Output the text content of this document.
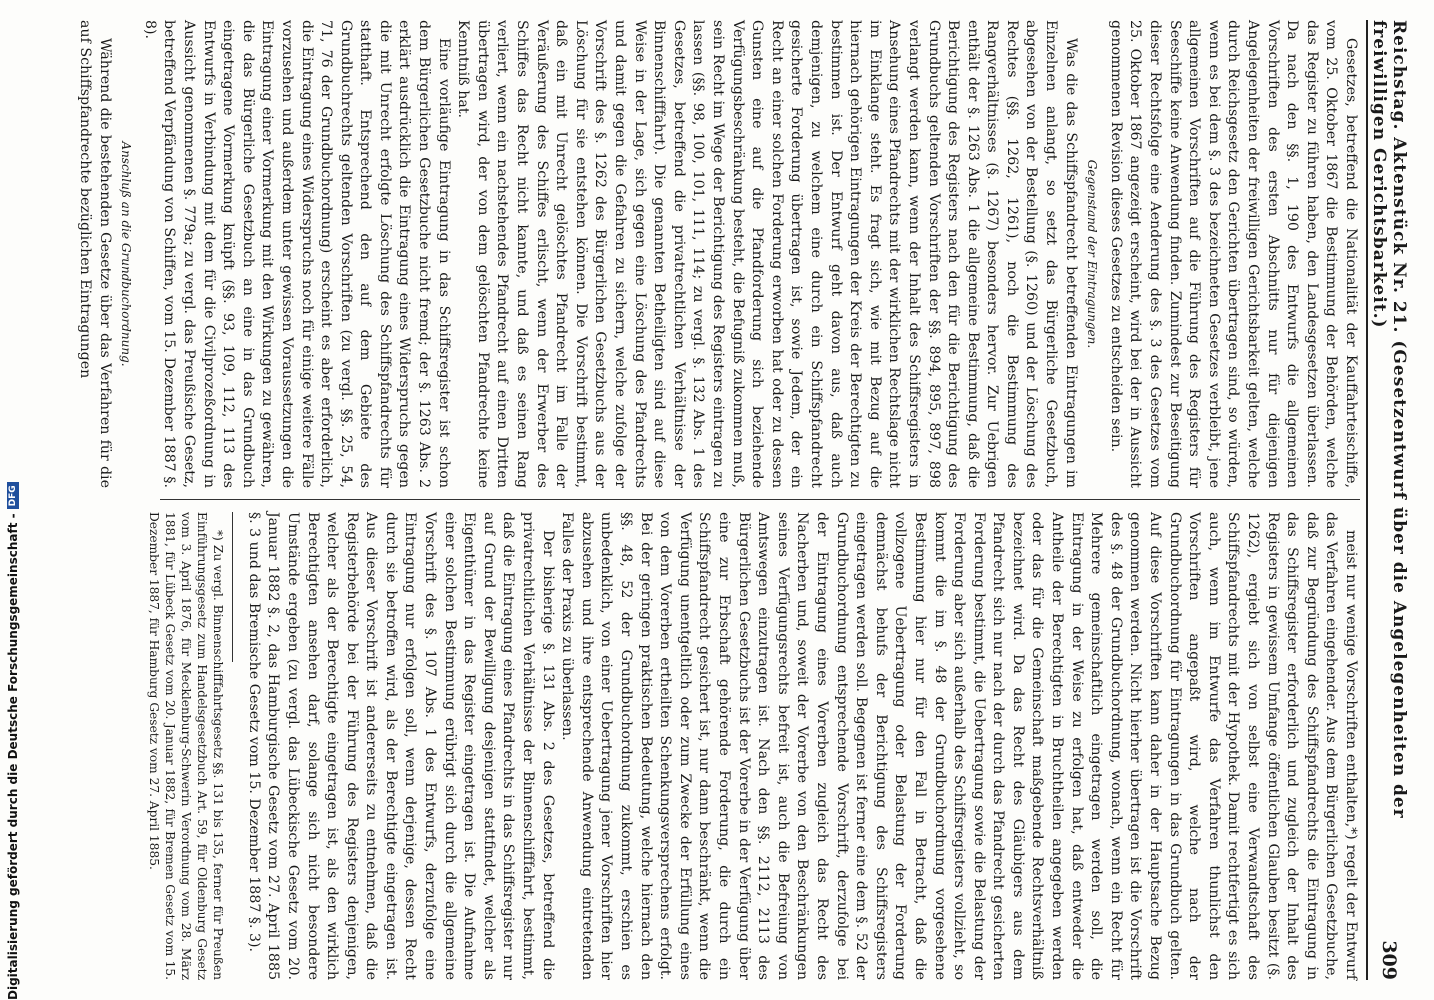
Reichstag. Aktenstück Nr. 21. (Gesetzentwurf über die Angelegenheiten der freiwilligen Gerichtsbarkeit.)
309

Gesetzes, betreffend die Nationalität der Kauffahrteischiffe, vom 25. Oktober 1867 die Bestimmung der Behörden, welche das Register zu führen haben, den Landesgesetzen überlassen. Da nach den §§. 1, 190 des Entwurfs die allgemeinen Vorschriften des ersten Abschnitts nur für diejenigen Angelegenheiten der freiwilligen Gerichtsbarkeit gelten, welche durch Reichsgesetz den Gerichten übertragen sind, so würden, wenn es bei dem §. 3 des bezeichneten Gesetzes verbleibt, jene allgemeinen Vorschriften auf die Führung des Registers für Seeschiffe keine Anwendung finden. Zumindest zur Beseitigung dieser Rechtsfolge eine Aenderung des §. 3 des Gesetzes vom 25. Oktober 1867 angezeigt erscheint, wird bei der in Aussicht genommenen Revision dieses Gesetzes zu entscheiden sein.

Gegenstand der Eintragungen.

Was die das Schiffspfandrecht betreffenden Eintragungen im Einzelnen anlangt, so setzt das Bürgerliche Gesetzbuch, abgesehen von der Bestellung (§. 1260) und der Löschung des Rechtes (§§. 1262, 1261), noch die Bestimmung des Rangverhältnisses (§. 1267) besonders hervor. Zur Uebrigen enthält der §. 1263 Abs. 1 die allgemeine Bestimmung, daß die Berichtigung des Registers nach den für die Berichtigung des Grundbuchs geltenden Vorschriften der §§. 894, 895, 897, 898 verlangt werden kann, wenn der Inhalt des Schiffsregisters in Ansehung eines Pfandrechts mit der wirklichen Rechtslage nicht im Einklange steht. Es fragt sich, wie mit Bezug auf die hiernach gehörigen Eintragungen der Kreis der Berechtigten zu bestimmen ist. Der Entwurf geht davon aus, daß auch demjenigen, zu welchem eine durch ein Schiffspfandrecht gesicherte Forderung übertragen ist, sowie Jedem, der ein Recht an einer solchen Forderung erworben hat oder zu dessen Gunsten eine auf die Pfandforderung sich beziehende Verfügungsbeschränkung besteht, die Befugniß zukommen muß, sein Recht im Wege der Berichtigung des Registers eintragen zu lassen (§§. 98, 100, 101, 111, 114; zu vergl. §. 132 Abs. 1 des Gesetzes, betreffend die privatrechtlichen Verhältnisse der Binnenschifffahrt). Die genannten Betheiligten sind auf diese Weise in der Lage, sich gegen eine Löschung des Pfandrechts und damit gegen die Gefahren zu sichern, welche zufolge der Vorschrift des §. 1262 des Bürgerlichen Gesetzbuchs aus der Löschung für sie entstehen können. Die Vorschrift bestimmt, daß ein mit Unrecht gelöschtes Pfandrecht im Falle der Veräußerung des Schiffes erlischt, wenn der Erwerber des Schiffes das Recht nicht kannte, und daß es seinen Rang verliert, wenn ein nachstehendes Pfandrecht auf einen Dritten übertragen wird, der von dem gelöschten Pfandrechte keine Kenntniß hat.

Eine vorläufige Eintragung in das Schiffsregister ist schon dem Bürgerlichen Gesetzbuche nicht fremd; der §. 1263 Abs. 2 erklärt ausdrücklich die Eintragung eines Widerspruchs gegen die mit Unrecht erfolgte Löschung des Schiffspfandrechts für statthaft. Entsprechend den auf dem Gebiete des Grundbuchrechts geltenden Vorschriften (zu vergl. §§. 25, 54, 71, 76 der Grundbuchordnung) erscheint es aber erforderlich, die Eintragung eines Widerspruchs noch für einige weitere Fälle vorzusehen und außerdem unter gewissen Voraussetzungen die Eintragung einer Vormerkung mit den Wirkungen zu gewähren, die das Bürgerliche Gesetzbuch an eine in das Grundbuch eingetragene Vormerkung knüpft (§§. 93, 109, 112, 113 des Entwurfs in Verbindung mit dem für die Civilprozeßordnung in Aussicht genommenen §. 779a; zu vergl. das Preußische Gesetz, betreffend Verpfändung von Schiffen, vom 15. Dezember 1887 §. 8).

Anschluß an die Grundbuchordnung.

Während die bestehenden Gesetze über das Verfahren für die auf Schiffspfandrechte bezüglichen Eintragungen

meist nur wenige Vorschriften enthalten,*) regelt der Entwurf das Verfahren eingehender. Aus dem Bürgerlichen Gesetzbuche, daß zur Begründung des Schiffspfandrechts die Eintragung in das Schiffsregister erforderlich und zugleich der Inhalt des Registers in gewissem Umfange öffentlichen Glauben besitzt (§. 1262), ergiebt sich von selbst eine Verwandtschaft des Schiffspfandrechts mit der Hypothek. Damit rechtfertigt es sich auch, wenn im Entwurfe das Verfahren thunlichst den Vorschriften angepaßt wird, welche nach der Grundbuchordnung für Eintragungen in das Grundbuch gelten. Auf diese Vorschriften kann daher in der Hauptsache Bezug genommen werden. Nicht hierher übertragen ist die Vorschrift des §. 48 der Grundbuchordnung, wonach, wenn ein Recht für Mehrere gemeinschaftlich eingetragen werden soll, die Eintragung in der Weise zu erfolgen hat, daß entweder die Antheile der Berechtigten in Bruchtheilen angegeben werden oder das für die Gemeinschaft maßgebende Rechtsverhältniß bezeichnet wird. Da das Recht des Gläubigers aus dem Pfandrecht sich nur nach der durch das Pfandrecht gesicherten Forderung bestimmt, die Uebertragung sowie die Belastung der Forderung aber sich außerhalb des Schiffsregisters vollzieht, so kommt die im §. 48 der Grundbuchordnung vorgesehene Bestimmung hier nur für den Fall in Betracht, daß die vollzogene Uebertragung oder Belastung der Forderung demnächst behufs der Berichtigung des Schiffsregisters eingetragen werden soll. Begegnen ist ferner eine dem §. 52 der Grundbuchordnung entsprechende Vorschrift, derzufolge bei der Eintragung eines Vorerben zugleich das Recht des Nacherben und, soweit der Vorerbe von den Beschränkungen seines Verfügungsrechts befreit ist, auch die Befreiung von Amtswegen einzutragen ist. Nach den §§. 2112, 2113 des Bürgerlichen Gesetzbuchs ist der Vorerbe in der Verfügung über eine zur Erbschaft gehörende Forderung, die durch ein Schiffspfandrecht gesichert ist, nur dann beschränkt, wenn die Verfügung unentgeltlich oder zum Zwecke der Erfüllung eines von dem Vorerben ertheilten Schenkungsversprechens erfolgt. Bei der geringen praktischen Bedeutung, welche hiernach den §§. 48, 52 der Grundbuchordnung zukommt, erschien es unbedenklich, von einer Uebertragung jener Vorschriften hier abzusehen und ihre entsprechende Anwendung eintretenden Falles der Praxis zu überlassen.

Der bisherige §. 131 Abs. 2 des Gesetzes, betreffend die privatrechtlichen Verhältnisse der Binnenschifffahrt, bestimmt, daß die Eintragung eines Pfandrechts in das Schiffsregister nur auf Grund der Bewilligung desjenigen stattfindet, welcher als Eigenthümer in das Register eingetragen ist. Die Aufnahme einer solchen Bestimmung erübrigt sich durch die allgemeine Vorschrift des §. 107 Abs. 1 des Entwurfs, derzufolge eine Eintragung nur erfolgen soll, wenn derjenige, dessen Recht durch sie betroffen wird, als der Berechtigte eingetragen ist. Aus dieser Vorschrift ist andererseits zu entnehmen, daß die Registerbehörde bei der Führung des Registers denjenigen, welcher als der Berechtigte eingetragen ist, als den wirklich Berechtigten ansehen darf, solange sich nicht besondere Umstände ergeben (zu vergl. das Lübeckische Gesetz vom 20. Januar 1882 §. 2, das Hamburgische Gesetz vom 27. April 1885 §. 3 und das Bremische Gesetz vom 15. Dezember 1887 §. 3).

*) Zu vergl. Binnenschifffahrtsgesetz §§. 131 bis 135, ferner für Preußen Einführungsgesetz zum Handelsgesetzbuch Art. 59, für Oldenburg Gesetz vom 3. April 1876, für Mecklenburg-Schwerin Verordnung vom 28. März 1881, für Lübeck Gesetz vom 20. Januar 1882, für Bremen Gesetz vom 15. Dezember 1887, für Hamburg Gesetz vom 27. April 1885.
Digitalisierung gefördert durch die Deutsche Forschungsgemeinschaft -
DFG
